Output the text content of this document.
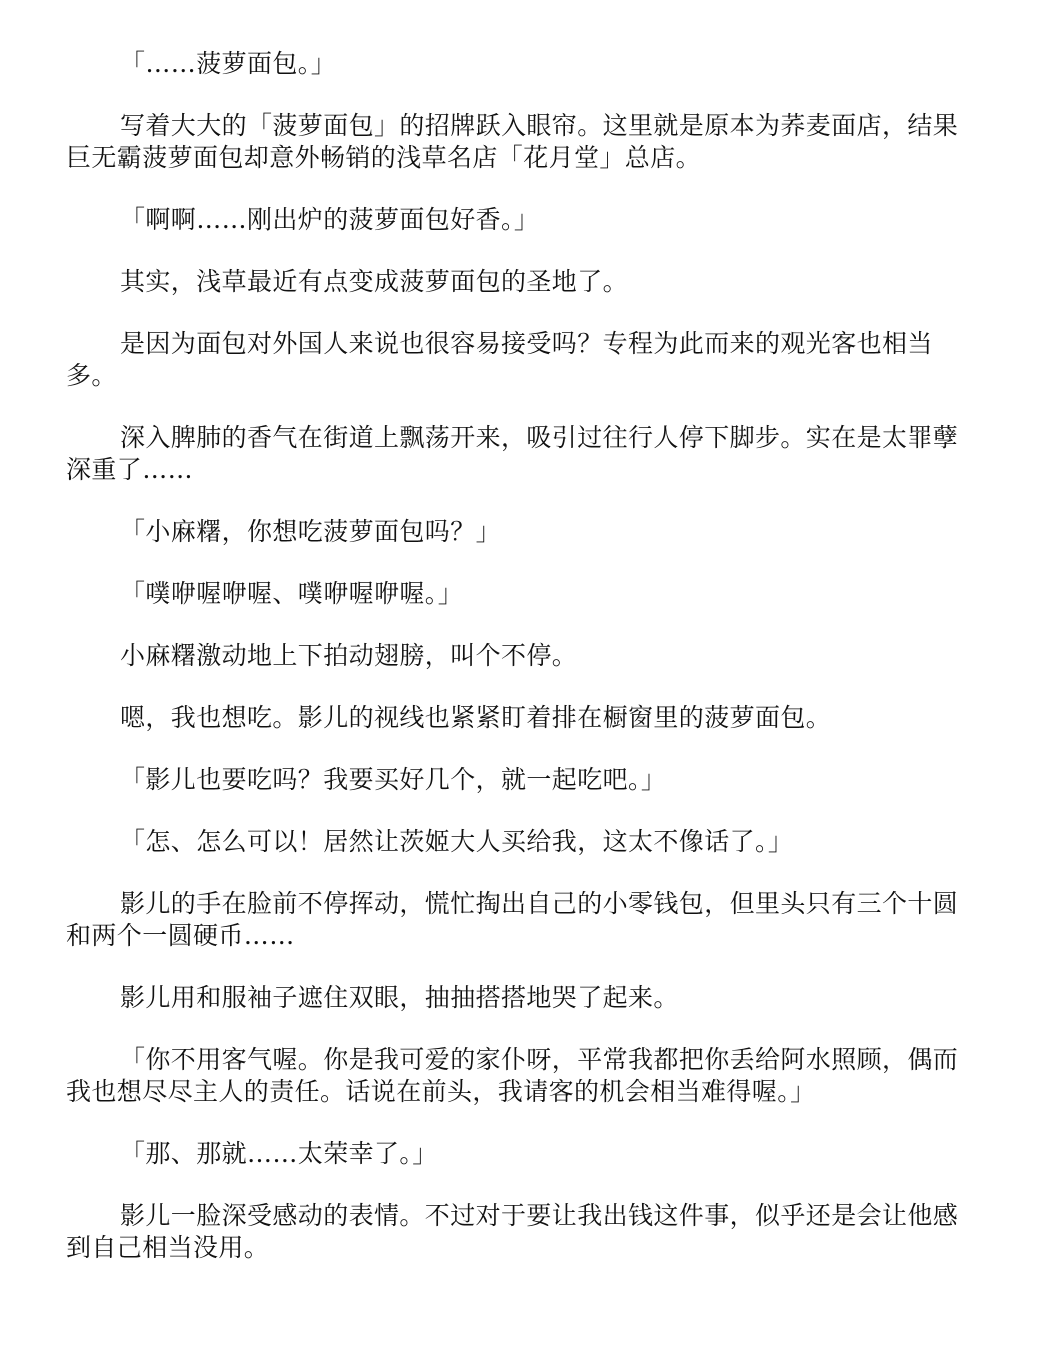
「……菠萝面包。」

写着大大的「菠萝面包」的招牌跃入眼帘。这里就是原本为荞麦面店，结果巨无霸菠萝面包却意外畅销的浅草名店「花月堂」总店。

「啊啊……刚出炉的菠萝面包好香。」

其实，浅草最近有点变成菠萝面包的圣地了。

是因为面包对外国人来说也很容易接受吗？专程为此而来的观光客也相当多。

深入脾肺的香气在街道上飘荡开来，吸引过往行人停下脚步。实在是太罪孽深重了……

「小麻糬，你想吃菠萝面包吗？」

「噗咿喔咿喔、噗咿喔咿喔。」

小麻糬激动地上下拍动翅膀，叫个不停。

嗯，我也想吃。影儿的视线也紧紧盯着排在橱窗里的菠萝面包。

「影儿也要吃吗？我要买好几个，就一起吃吧。」

「怎、怎么可以！居然让茨姬大人买给我，这太不像话了。」

影儿的手在脸前不停挥动，慌忙掏出自己的小零钱包，但里头只有三个十圆和两个一圆硬币……

影儿用和服袖子遮住双眼，抽抽搭搭地哭了起来。

「你不用客气喔。你是我可爱的家仆呀，平常我都把你丢给阿水照顾，偶而我也想尽尽主人的责任。话说在前头，我请客的机会相当难得喔。」

「那、那就……太荣幸了。」

影儿一脸深受感动的表情。不过对于要让我出钱这件事，似乎还是会让他感到自己相当没用。
